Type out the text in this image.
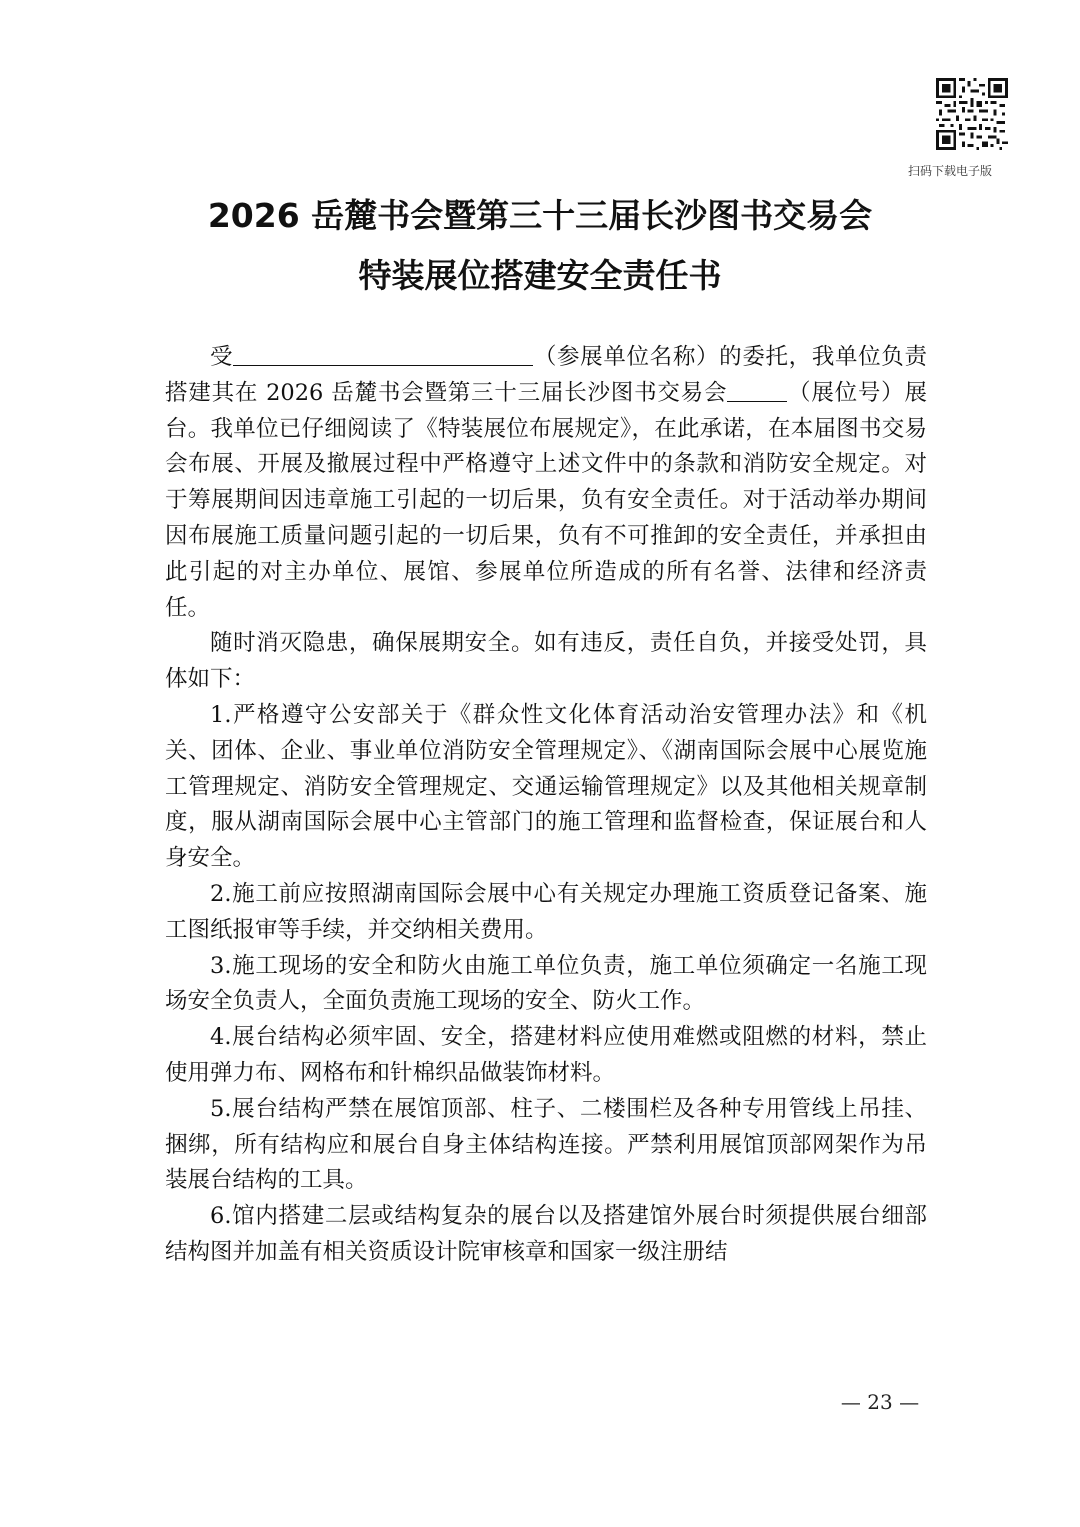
扫码下载电子版
2026 岳麓书会暨第三十三届长沙图书交易会
特装展位搭建安全责任书

受	（参展单位名称）的委托，我单位负责搭建其在 2026 岳麓书会暨第三十三届长沙图书交易会	（展位号）展台。我单位已仔细阅读了《特装展位布展规定》，在此承诺，在本届图书交易会布展、开展及撤展过程中严格遵守上述文件中的条款和消防安全规定。对于筹展期间因违章施工引起的一切后果，负有安全责任。对于活动举办期间因布展施工质量问题引起的一切后果，负有不可推卸的安全责任，并承担由此引起的对主办单位、展馆、参展单位所造成的所有名誉、法律和经济责任。

随时消灭隐患，确保展期安全。如有违反，责任自负，并接受处罚，具体如下：

1.严格遵守公安部关于《群众性文化体育活动治安管理办法》和《机关、团体、企业、事业单位消防安全管理规定》、《湖南国际会展中心展览施工管理规定、消防安全管理规定、交通运输管理规定》以及其他相关规章制度，服从湖南国际会展中心主管部门的施工管理和监督检查，保证展台和人身安全。

2.施工前应按照湖南国际会展中心有关规定办理施工资质登记备案、施工图纸报审等手续，并交纳相关费用。

3.施工现场的安全和防火由施工单位负责，施工单位须确定一名施工现场安全负责人，全面负责施工现场的安全、防火工作。

4.展台结构必须牢固、安全，搭建材料应使用难燃或阻燃的材料，禁止使用弹力布、网格布和针棉织品做装饰材料。

5.展台结构严禁在展馆顶部、柱子、二楼围栏及各种专用管线上吊挂、捆绑，所有结构应和展台自身主体结构连接。严禁利用展馆顶部网架作为吊装展台结构的工具。

6.馆内搭建二层或结构复杂的展台以及搭建馆外展台时须提供展台细部结构图并加盖有相关资质设计院审核章和国家一级注册结

— 23 —
